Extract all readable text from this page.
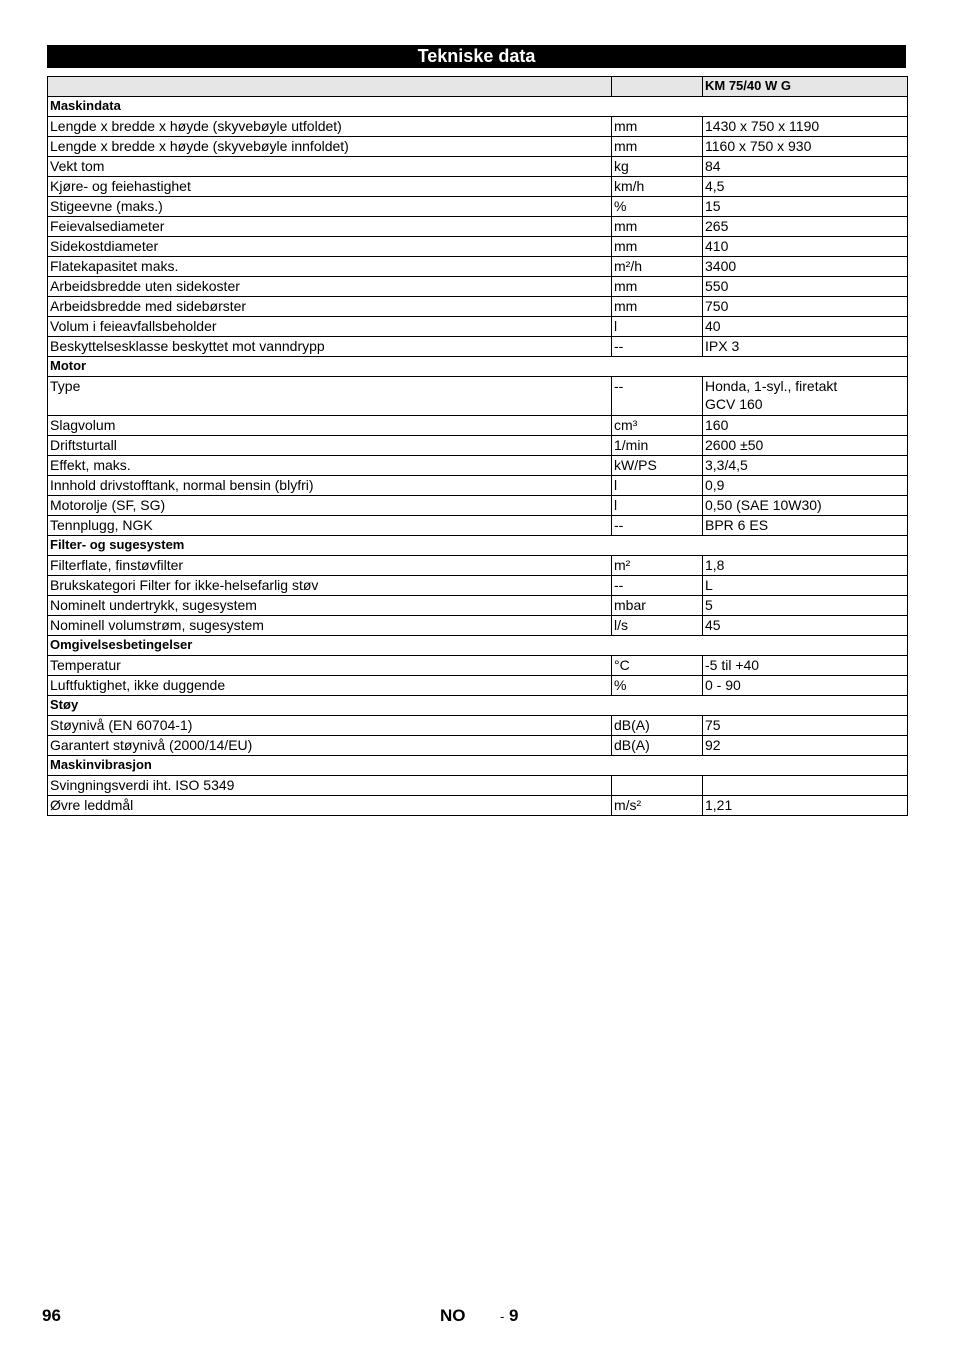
Tekniske data
		KM 75/40 W G
Maskindata		
Lengde x bredde x høyde (skyvebøyle utfoldet)	mm	1430 x 750 x 1190
Lengde x bredde x høyde (skyvebøyle innfoldet)	mm	1160 x 750 x 930
Vekt tom	kg	84
Kjøre- og feiehastighet	km/h	4,5
Stigeevne (maks.)	%	15
Feievalsediameter	mm	265
Sidekostdiameter	mm	410
Flatekapasitet maks.	m²/h	3400
Arbeidsbredde uten sidekoster	mm	550
Arbeidsbredde med sidebørster	mm	750
Volum i feieavfallsbeholder	l	40
Beskyttelsesklasse beskyttet mot vanndrypp	--	IPX 3
Motor		
Type	--	Honda, 1-syl., firetakt
GCV 160
Slagvolum	cm³	160
Driftsturtall	1/min	2600 ±50
Effekt, maks.	kW/PS	3,3/4,5
Innhold drivstofftank, normal bensin (blyfri)	l	0,9
Motorolje (SF, SG)	l	0,50 (SAE 10W30)
Tennplugg, NGK	--	BPR 6 ES
Filter- og sugesystem		
Filterflate, finstøvfilter	m²	1,8
Brukskategori Filter for ikke-helsefarlig støv	--	L
Nominelt undertrykk, sugesystem	mbar	5
Nominell volumstrøm, sugesystem	l/s	45
Omgivelsesbetingelser		
Temperatur	°C	-5 til +40
Luftfuktighet, ikke duggende	%	0 - 90
Støy		
Støynivå (EN 60704-1)	dB(A)	75
Garantert støynivå (2000/14/EU)	dB(A)	92
Maskinvibrasjon		
Svingningsverdi iht. ISO 5349		
Øvre leddmål	m/s²	1,21
96	NO	- 9
